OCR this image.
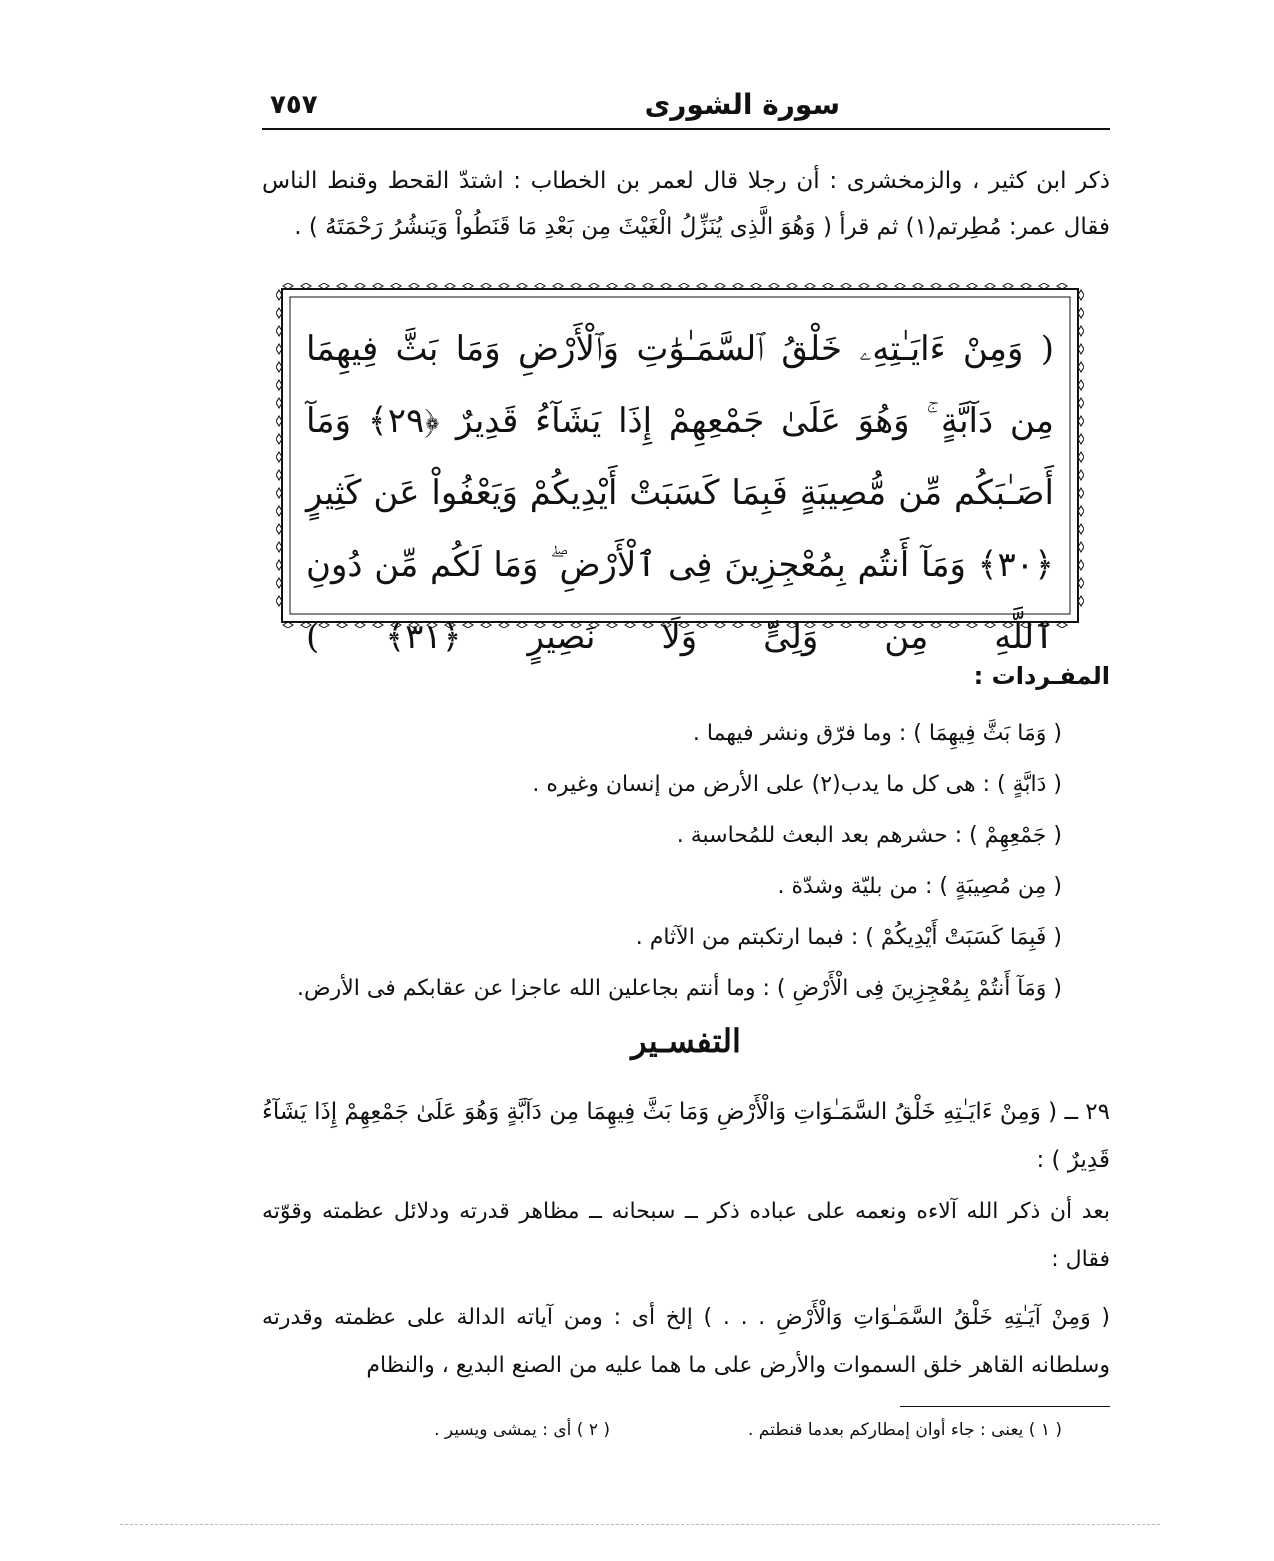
سورة الشورى
٧٥٧
ذكر ابن كثير ، والزمخشرى : أن رجلا قال لعمر بن الخطاب : اشتدّ القحط وقنط الناس فقال عمر: مُطِرتم(١) ثم قرأ ( وَهُوَ الَّذِى يُنَزِّلُ الْغَيْثَ مِن بَعْدِ مَا قَنَطُواْ وَيَنشُرُ رَحْمَتَهُ ) .
( وَمِنْ ءَايَـٰتِهِۦ خَلْقُ ٱلسَّمَـٰوَٰتِ وَٱلْأَرْضِ وَمَا بَثَّ فِيهِمَا مِن دَآبَّةٍ ۚ وَهُوَ عَلَىٰ جَمْعِهِمْ إِذَا يَشَآءُ قَدِيرٌ ﴿٢٩﴾ وَمَآ أَصَـٰبَكُم مِّن مُّصِيبَةٍ فَبِمَا كَسَبَتْ أَيْدِيكُمْ وَيَعْفُواْ عَن كَثِيرٍ ﴿٣٠﴾ وَمَآ أَنتُم بِمُعْجِزِينَ فِى ٱلْأَرْضِ ۖ وَمَا لَكُم مِّن دُونِ ٱللَّهِ مِن وَلِىٍّ وَلَا نَصِيرٍ ﴿٣١﴾ )
المفـردات :
( وَمَا بَثَّ فِيهِمَا ) : وما فرّق ونشر فيهما .
( دَابَّةٍ ) : هى كل ما يدب(٢) على الأرض من إنسان وغيره .
( جَمْعِهِمْ ) : حشرهم بعد البعث للمُحاسبة .
( مِن مُصِيبَةٍ ) : من بليّة وشدّة .
( فَبِمَا كَسَبَتْ أَيْدِيكُمْ ) : فبما ارتكبتم من الآثام .
( وَمَآ أَنتُمْ بِمُعْجِزِينَ فِى الْأَرْضِ ) : وما أنتم بجاعلين الله عاجزا عن عقابكم فى الأرض.
التفسـير
٢٩ ــ ( وَمِنْ ءَايَـٰتِهِ خَلْقُ السَّمَـٰوَاتِ وَالْأَرْضِ وَمَا بَثَّ فِيهِمَا مِن دَآبَّةٍ وَهُوَ عَلَىٰ جَمْعِهِمْ إِذَا يَشَآءُ قَدِيرٌ ) :
بعد أن ذكر الله آلاءه ونعمه على عباده ذكر ــ سبحانه ــ مظاهر قدرته ودلائل عظمته وقوّته فقال :
( وَمِنْ آيَـٰتِهِ خَلْقُ السَّمَـٰوَاتِ وَالْأَرْضِ . . . ) إلخ أى : ومن آياته الدالة على عظمته وقدرته وسلطانه القاهر خلق السموات والأرض على ما هما عليه من الصنع البديع ، والنظام
( ١ ) يعنى : جاء أوان إمطاركم بعدما قنطتم .
( ٢ ) أى : يمشى ويسير .
